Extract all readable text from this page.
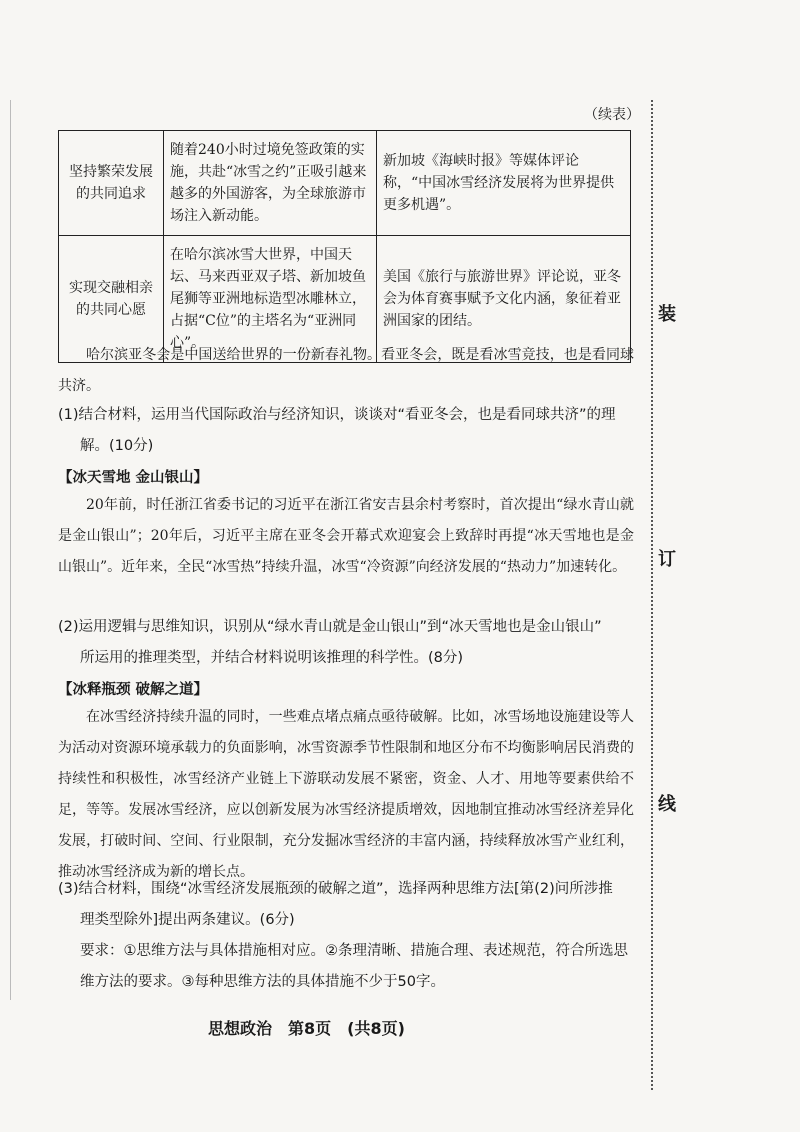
装
订
线
（续表）
坚持繁荣发展的共同追求	随着240小时过境免签政策的实施，共赴“冰雪之约”正吸引越来越多的外国游客，为全球旅游市场注入新动能。	新加坡《海峡时报》等媒体评论称，“中国冰雪经济发展将为世界提供更多机遇”。
实现交融相亲的共同心愿	在哈尔滨冰雪大世界，中国天坛、马来西亚双子塔、新加坡鱼尾狮等亚洲地标造型冰雕林立，占据“C位”的主塔名为“亚洲同心”。	美国《旅行与旅游世界》评论说，亚冬会为体育赛事赋予文化内涵，象征着亚洲国家的团结。
哈尔滨亚冬会是中国送给世界的一份新春礼物。看亚冬会，既是看冰雪竞技，也是看同球共济。
(1)结合材料，运用当代国际政治与经济知识，谈谈对“看亚冬会，也是看同球共济”的理
解。(10分)
【冰天雪地 金山银山】
20年前，时任浙江省委书记的习近平在浙江省安吉县余村考察时，首次提出“绿水青山就是金山银山”；20年后，习近平主席在亚冬会开幕式欢迎宴会上致辞时再提“冰天雪地也是金山银山”。近年来，全民“冰雪热”持续升温，冰雪“冷资源”向经济发展的“热动力”加速转化。
(2)运用逻辑与思维知识，识别从“绿水青山就是金山银山”到“冰天雪地也是金山银山”
所运用的推理类型，并结合材料说明该推理的科学性。(8分)
【冰释瓶颈 破解之道】
在冰雪经济持续升温的同时，一些难点堵点痛点亟待破解。比如，冰雪场地设施建设等人为活动对资源环境承载力的负面影响，冰雪资源季节性限制和地区分布不均衡影响居民消费的持续性和积极性，冰雪经济产业链上下游联动发展不紧密，资金、人才、用地等要素供给不足，等等。发展冰雪经济，应以创新发展为冰雪经济提质增效，因地制宜推动冰雪经济差异化发展，打破时间、空间、行业限制，充分发掘冰雪经济的丰富内涵，持续释放冰雪产业红利，推动冰雪经济成为新的增长点。
(3)结合材料，围绕“冰雪经济发展瓶颈的破解之道”，选择两种思维方法[第(2)问所涉推
理类型除外]提出两条建议。(6分)
要求：①思维方法与具体措施相对应。②条理清晰、措施合理、表述规范，符合所选思
维方法的要求。③每种思维方法的具体措施不少于50字。
思想政治　第8页　(共8页)
